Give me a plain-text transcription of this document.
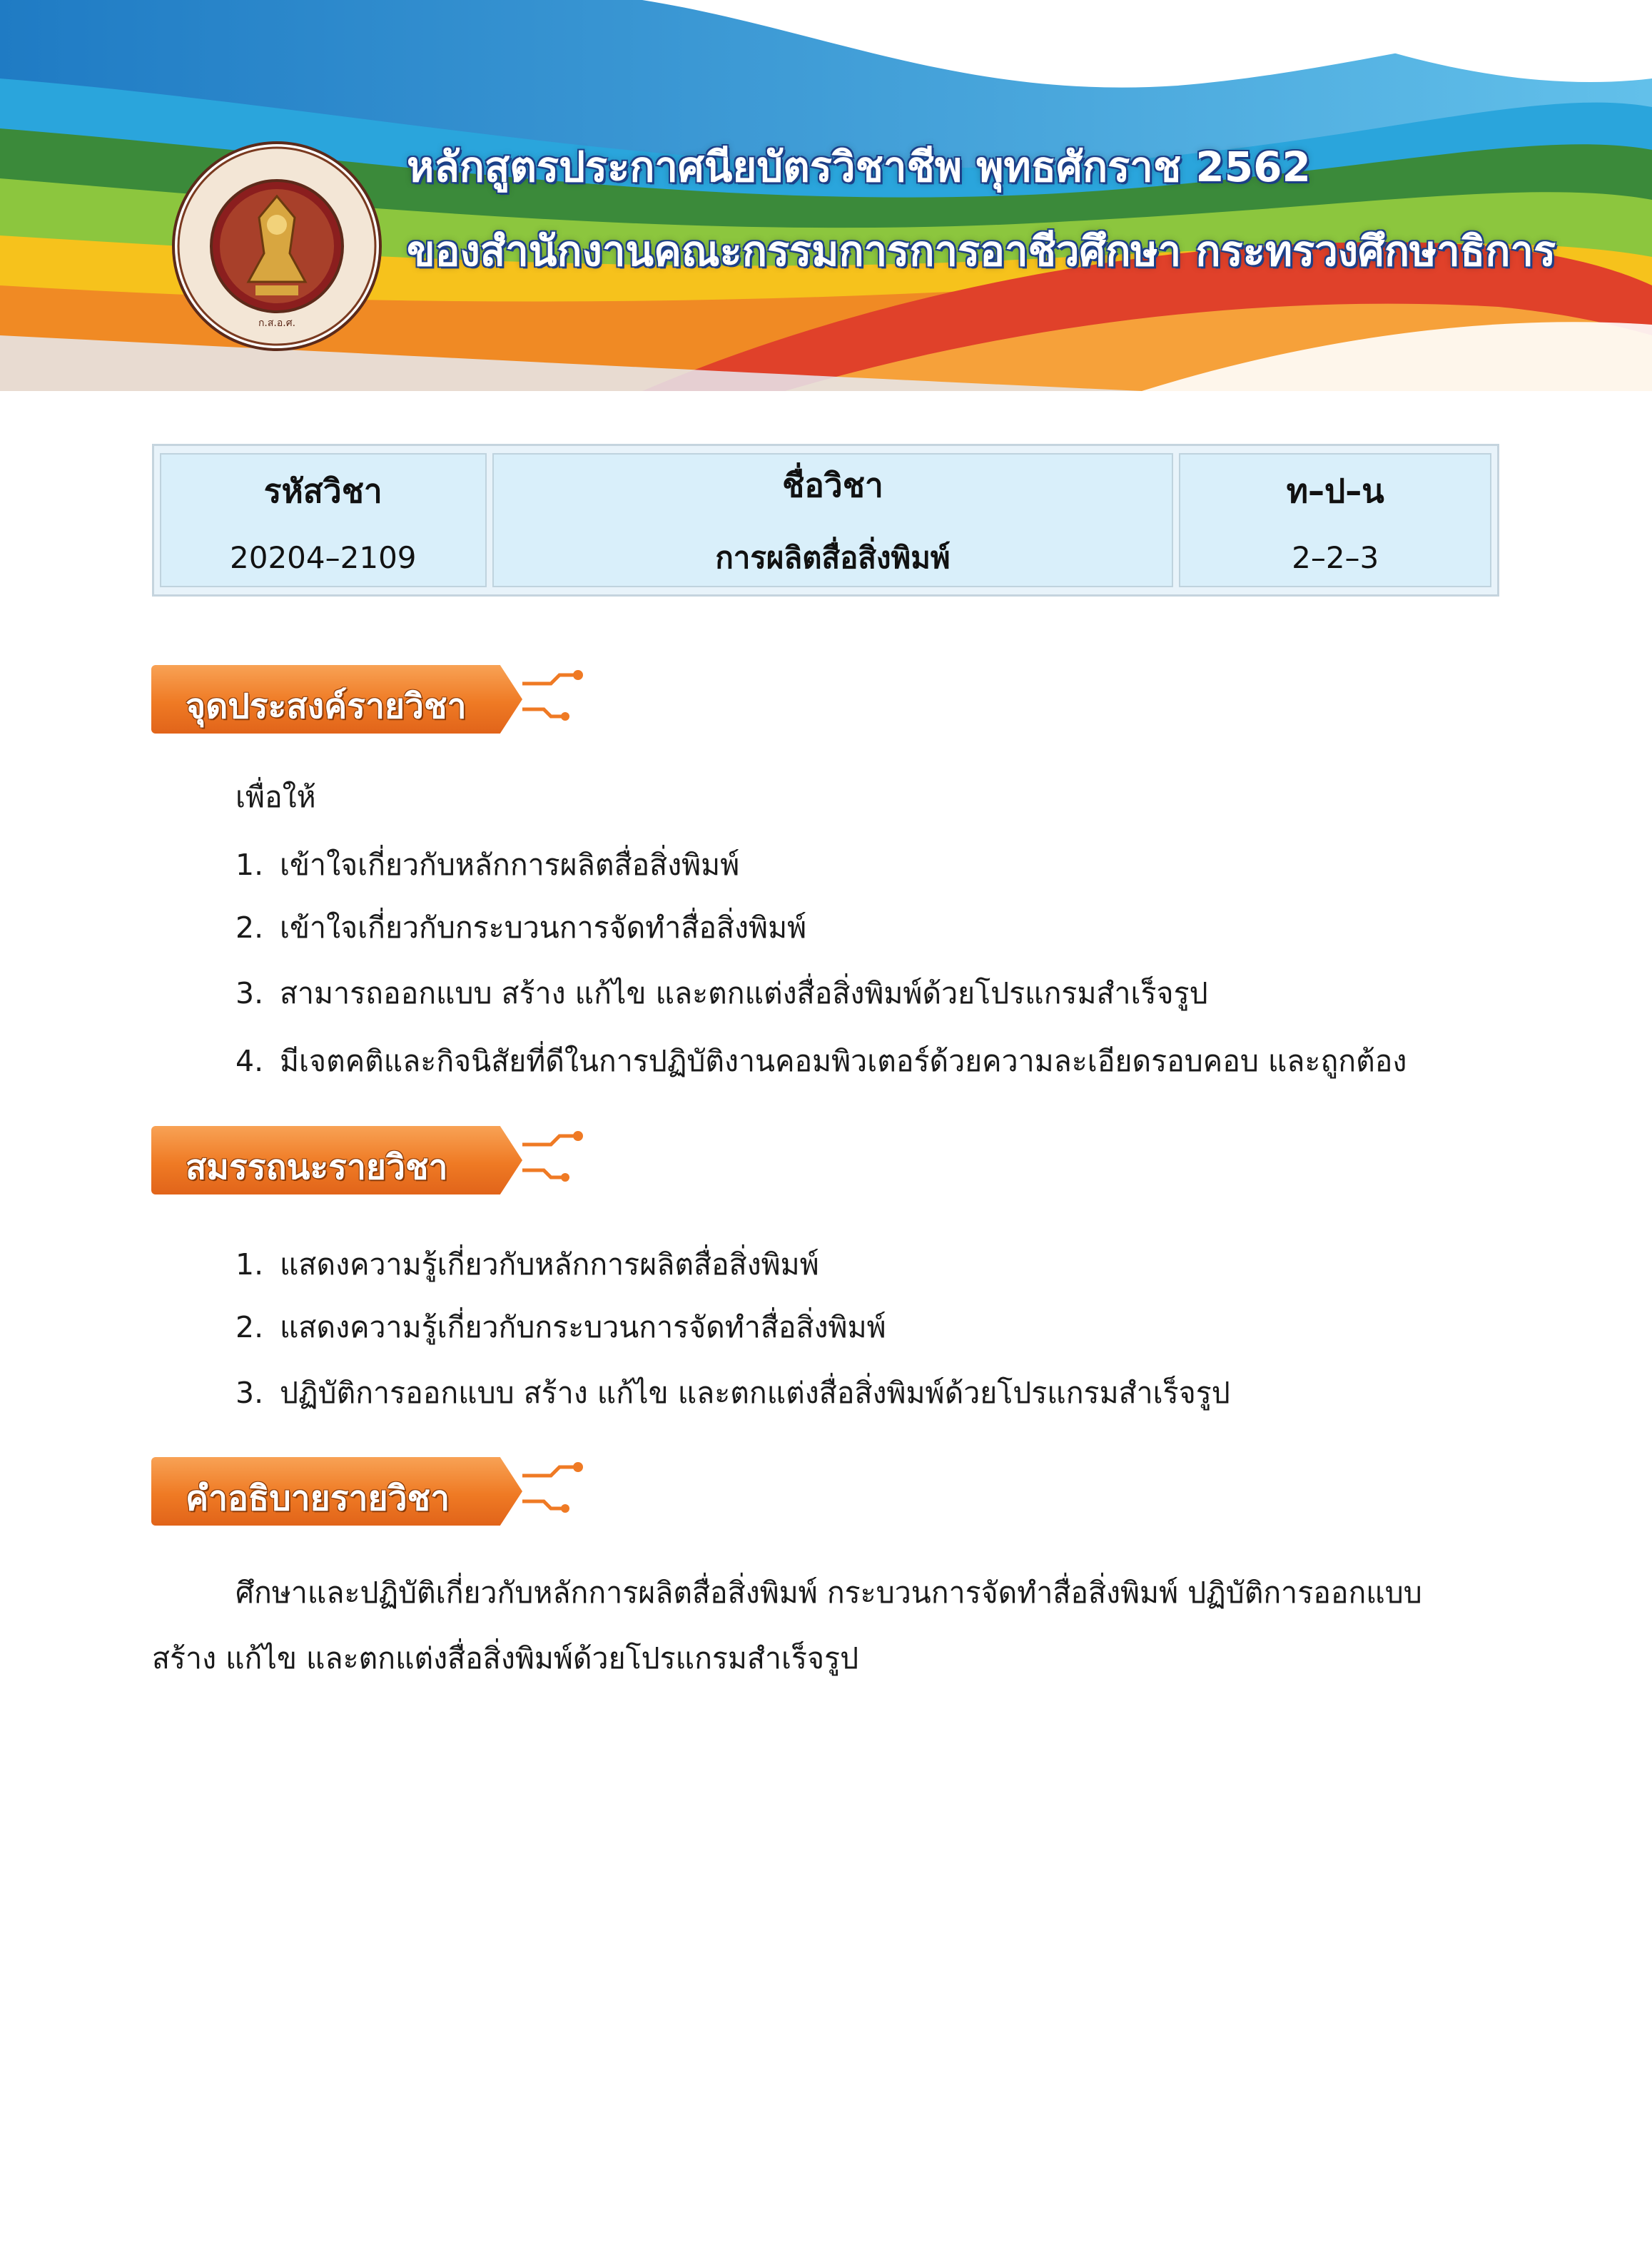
ก.ส.อ.ศ.
หลักสูตรประกาศนียบัตรวิชาชีพ พุทธศักราช 2562
ของสำนักงานคณะกรรมการการอาชีวศึกษา กระทรวงศึกษาธิการ
รหัสวิชา
20204–2109
ชื่อวิชา
การผลิตสื่อสิ่งพิมพ์
ท–ป–น
2–2–3
จุดประสงค์รายวิชา
เพื่อให้
1. เข้าใจเกี่ยวกับหลักการผลิตสื่อสิ่งพิมพ์
2. เข้าใจเกี่ยวกับกระบวนการจัดทำสื่อสิ่งพิมพ์
3. สามารถออกแบบ สร้าง แก้ไข และตกแต่งสื่อสิ่งพิมพ์ด้วยโปรแกรมสำเร็จรูป
4. มีเจตคติและกิจนิสัยที่ดีในการปฏิบัติงานคอมพิวเตอร์ด้วยความละเอียดรอบคอบ และถูกต้อง
สมรรถนะรายวิชา
1. แสดงความรู้เกี่ยวกับหลักการผลิตสื่อสิ่งพิมพ์
2. แสดงความรู้เกี่ยวกับกระบวนการจัดทำสื่อสิ่งพิมพ์
3. ปฏิบัติการออกแบบ สร้าง แก้ไข และตกแต่งสื่อสิ่งพิมพ์ด้วยโปรแกรมสำเร็จรูป
คำอธิบายรายวิชา
ศึกษาและปฏิบัติเกี่ยวกับหลักการผลิตสื่อสิ่งพิมพ์ กระบวนการจัดทำสื่อสิ่งพิมพ์ ปฏิบัติการออกแบบ
สร้าง แก้ไข และตกแต่งสื่อสิ่งพิมพ์ด้วยโปรแกรมสำเร็จรูป
